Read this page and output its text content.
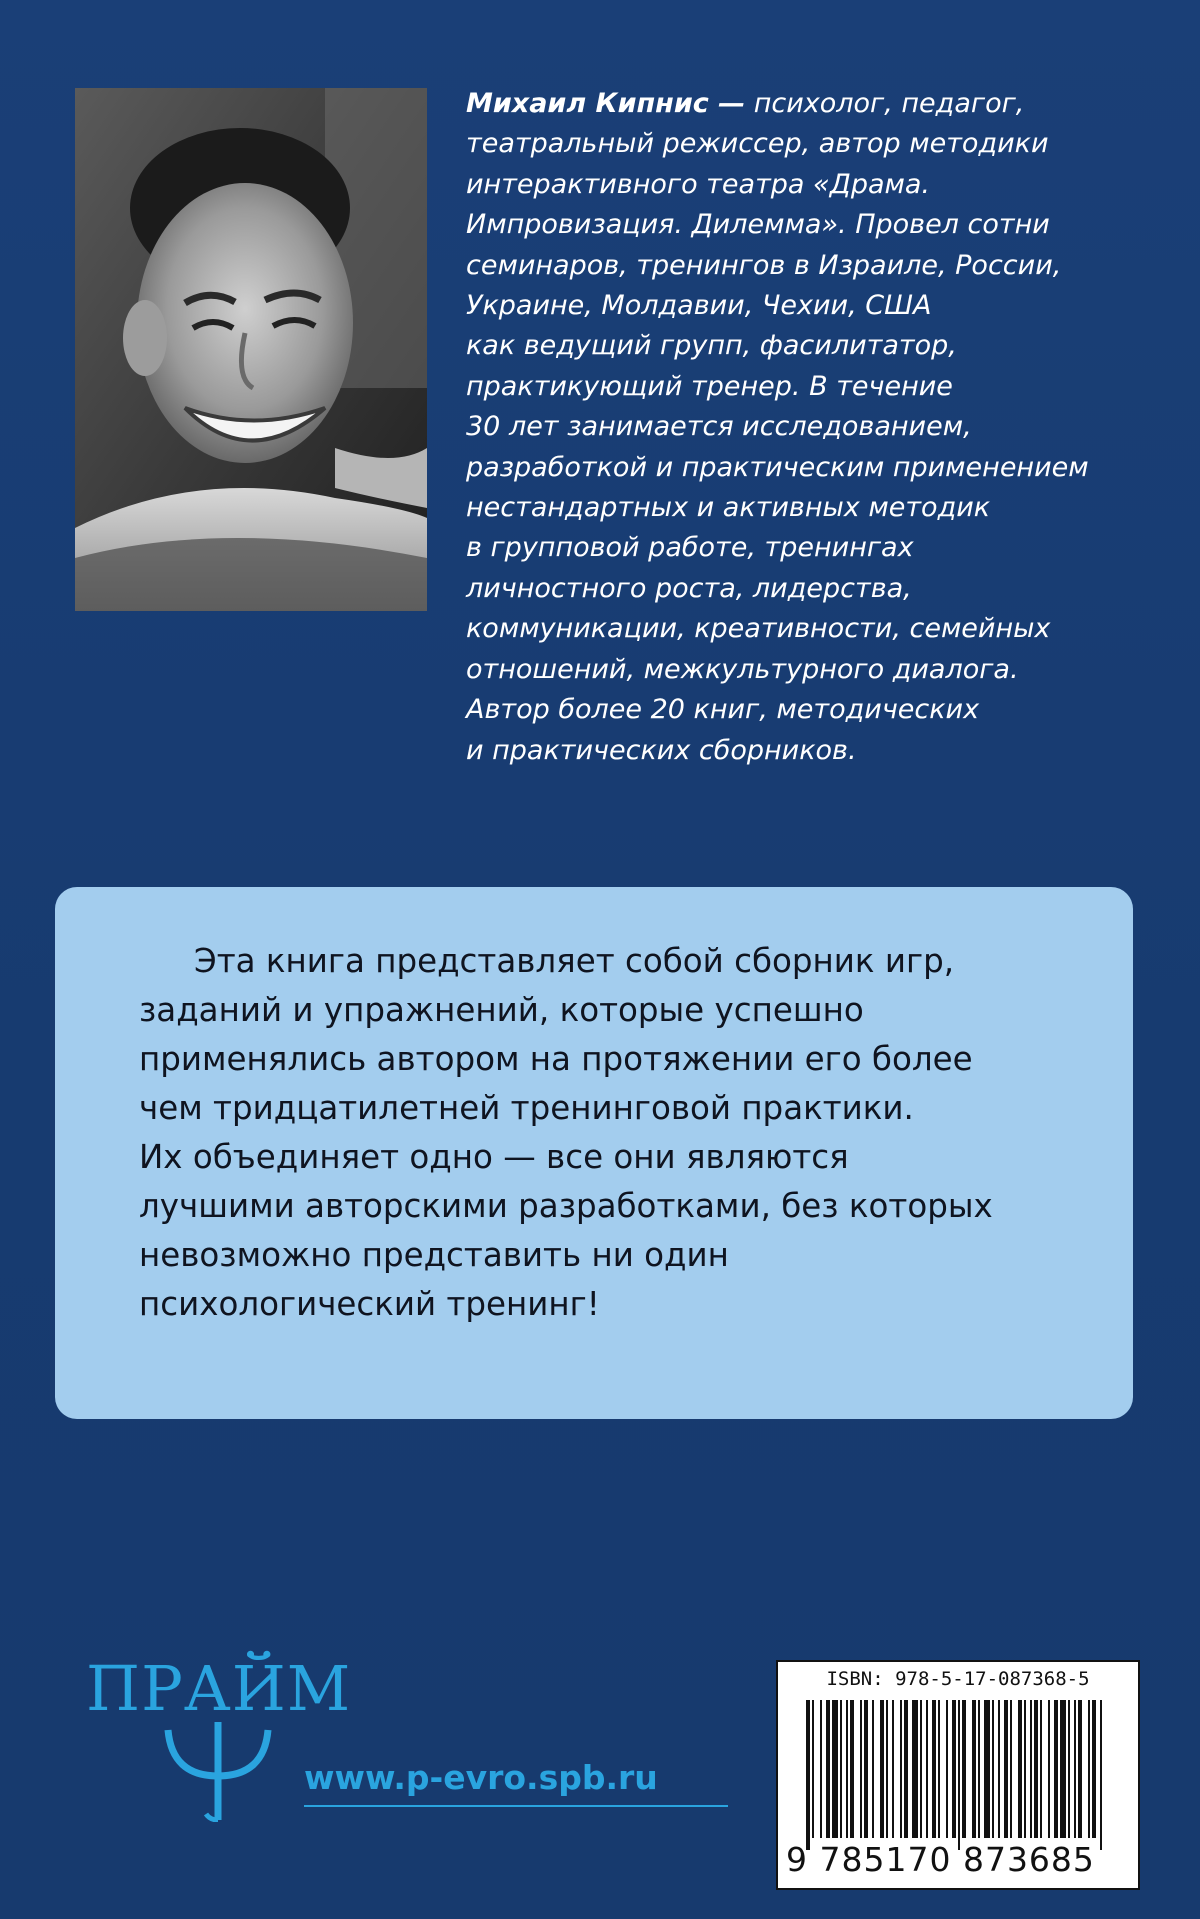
Михаил Кипнис — психолог, педагог,
театральный режиссер, автор методики
интерактивного театра «Драма.
Импровизация. Дилемма». Провел сотни
семинаров, тренингов в Израиле, России,
Украине, Молдавии, Чехии, США
как ведущий групп, фасилитатор,
практикующий тренер. В течение
30 лет занимается исследованием,
разработкой и практическим применением
нестандартных и активных методик
в групповой работе, тренингах
личностного роста, лидерства,
коммуникации, креативности, семейных
отношений, межкультурного диалога.
Автор более 20 книг, методических
и практических сборников.
Эта книга представляет собой сборник игр,
заданий и упражнений, которые успешно
применялись автором на протяжении его более
чем тридцатилетней тренинговой практики.
Их объединяет одно — все они являются
лучшими авторскими разработками, без которых
невозможно представить ни один
психологический тренинг!
ПРАЙМ
www.p-evro.spb.ru
ISBN: 978-5-17-087368-5
9 785170 873685
